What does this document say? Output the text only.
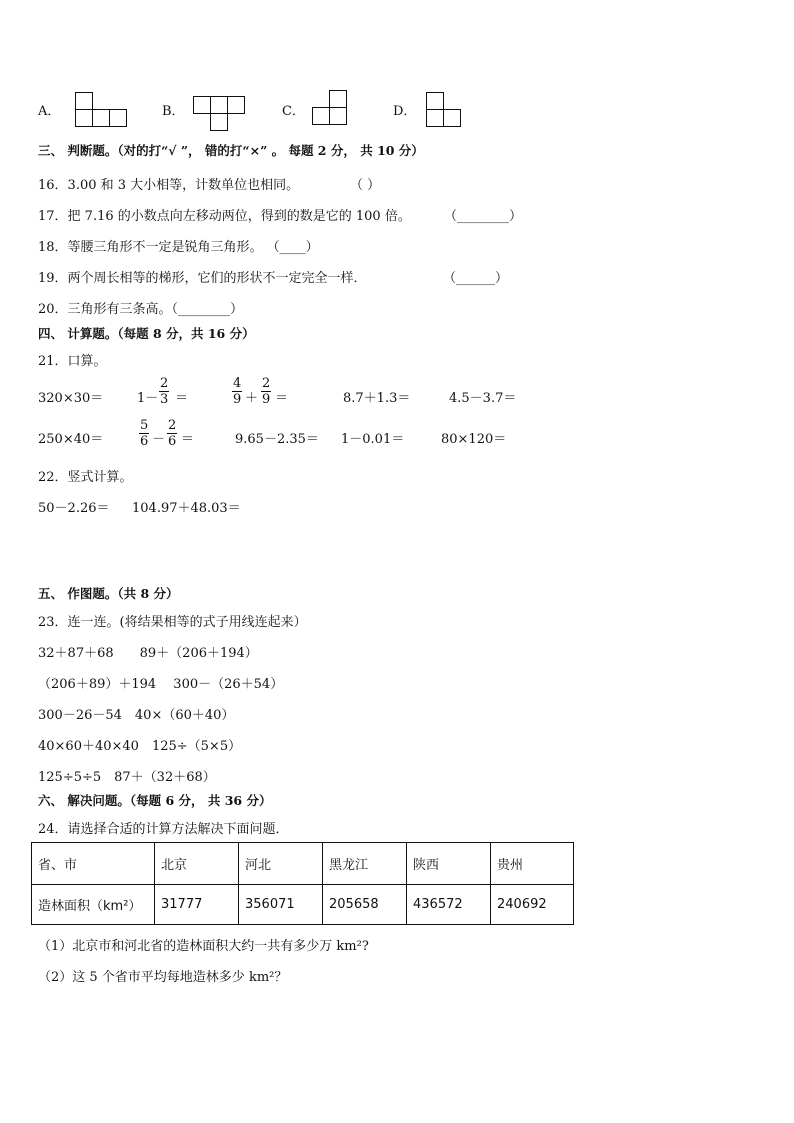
A．	B．	C．	D．
三、 判断题。（对的打“√ ”， 错的打“×” 。 每题 2 分， 共 10 分）
16．3.00 和 3 大小相等，计数单位也相同。	（ ）
17．把 7.16 的小数点向左移动两位，得到的数是它的 100 倍。	（________）
18．等腰三角形不一定是锐角三角形。 （____）
19．两个周长相等的梯形，它们的形状不一定完全一样．	（______）
20．三角形有三条高。（________）
四、 计算题。（每题 8 分，共 16 分）
21．口算。
320×30＝	$1- \frac{2}{3}$ ＝	$\frac{4}{9} + \frac{2}{9}$ ＝	8.7＋1.3＝	4.5－3.7＝
250×40＝	$\frac{5}{6} - \frac{2}{6}$ ＝	9.65－2.35＝ 1－0.01＝	80×120＝
22．竖式计算。
50－2.26＝ 104.97＋48.03＝
五、 作图题。（共 8 分）
23．连一连。(将结果相等的式子用线连起来）
32＋87＋68　　89＋（206＋194）
（206＋89）＋194　 300－（26＋54）
300－26－54　40×（60＋40）
40×60＋40×40　125÷（5×5）
125÷5÷5　87＋（32＋68）
六、 解决问题。（每题 6 分， 共 36 分）
24．请选择合适的计算方法解决下面问题．
省、市	北京	河北	黑龙江	陕西	贵州
造林面积（km²）	31777	356071	205658	436572	240692
（1）北京市和河北省的造林面积大约一共有多少万 km²?
（2）这 5 个省市平均每地造林多少 km²？
